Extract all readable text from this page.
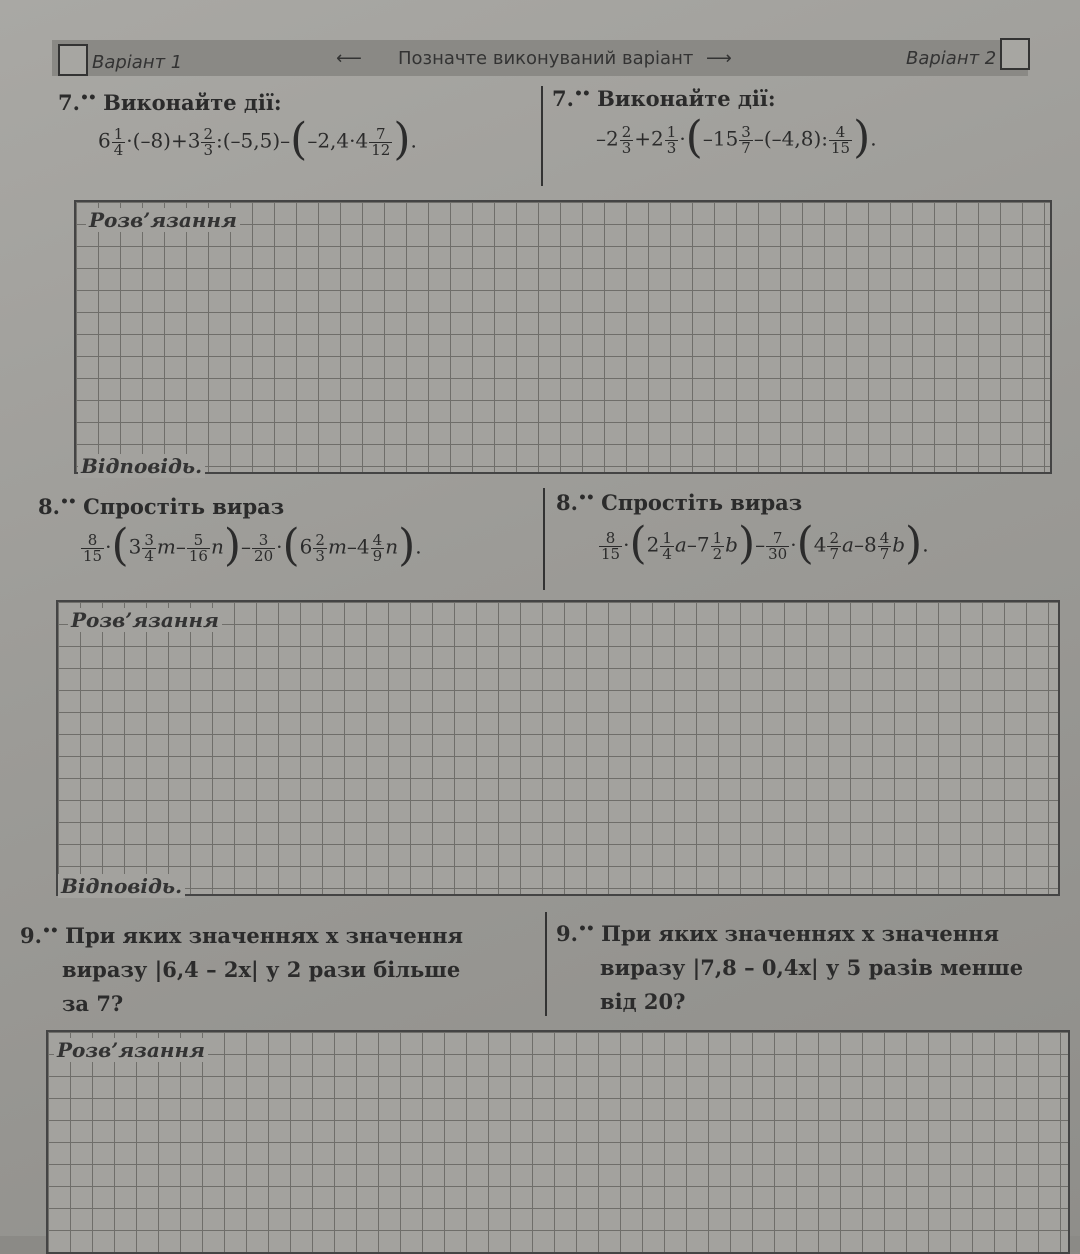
Варіант 1	⟵ Позначте виконуваний варіант ⟶	Варіант 2
7.•• Виконайте дії:	7.•• Виконайте дії:
$6 \frac{1}{4} \cdot(-8)+3 \frac{2}{3}$ :(–5,5)–(–2,4·4 $\frac{7}{12}$ ).	$-2 \frac{2}{3} +2 \frac{1}{3} \cdot(-15 \frac{3}{7} -(-4,8)$: $\frac{4}{15}$ ).
Розв’язання
Відповідь.
8.•• Спростіть вираз	8.•• Спростіть вираз
$\frac{8}{15} \cdot(3 \frac{3}{4} m- \frac{5}{16} n)- \frac{3}{20} \cdot(6 \frac{2}{3} m-4 \frac{4}{9} n)$.	$\frac{8}{15} \cdot(2 \frac{1}{4} a-7 \frac{1}{2} b)- \frac{7}{30} \cdot(4 \frac{2}{7} a-8 \frac{4}{7} b)$.
Розв’язання
Відповідь.
9.•• При яких значеннях x значення
виразу |6,4 – 2x| у 2 рази більше
за 7?
9.•• При яких значеннях x значення
виразу |7,8 – 0,4x| у 5 разів менше
від 20?
Розв’язання
